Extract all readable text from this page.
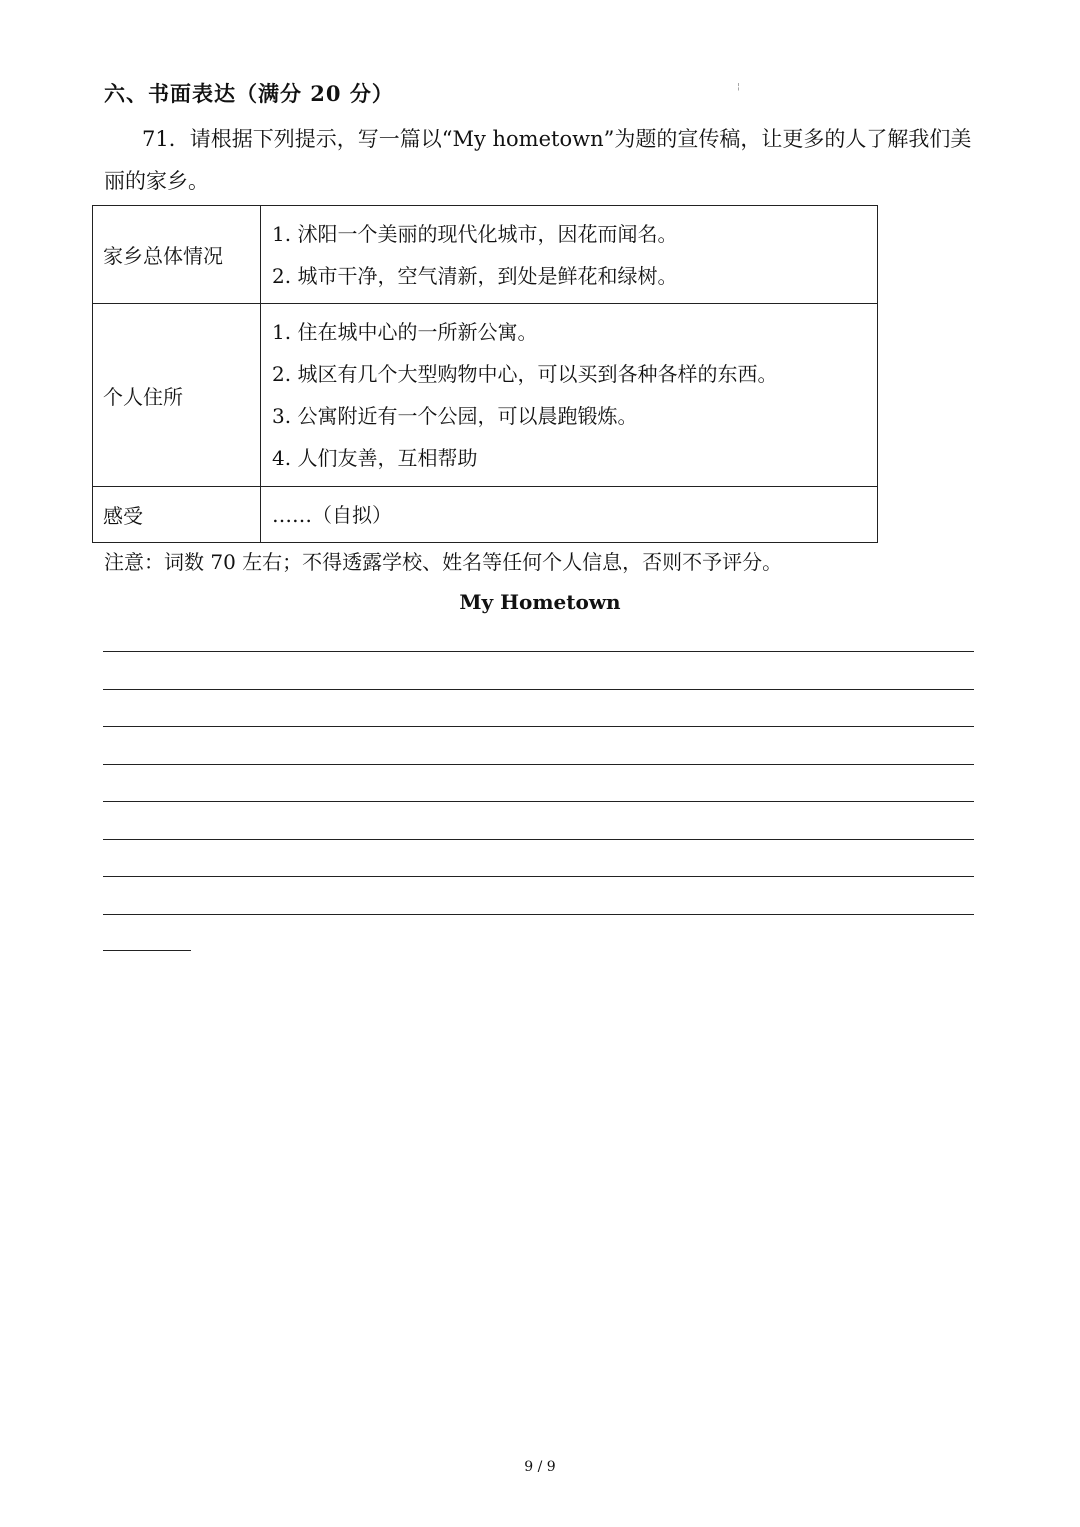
六、书面表达（满分 20 分）	¦
71．请根据下列提示，写一篇以“My hometown”为题的宣传稿，让更多的人了解我们美丽的家乡。
家乡总体情况	1. 沭阳一个美丽的现代化城市，因花而闻名。
2. 城市干净，空气清新，到处是鲜花和绿树。

个人住所	1. 住在城中心的一所新公寓。
2. 城区有几个大型购物中心，可以买到各种各样的东西。
3. 公寓附近有一个公园，可以晨跑锻炼。
4. 人们友善，互相帮助

感受	……（自拟）
注意：词数 70 左右；不得透露学校、姓名等任何个人信息，否则不予评分。
My Hometown
9 / 9
